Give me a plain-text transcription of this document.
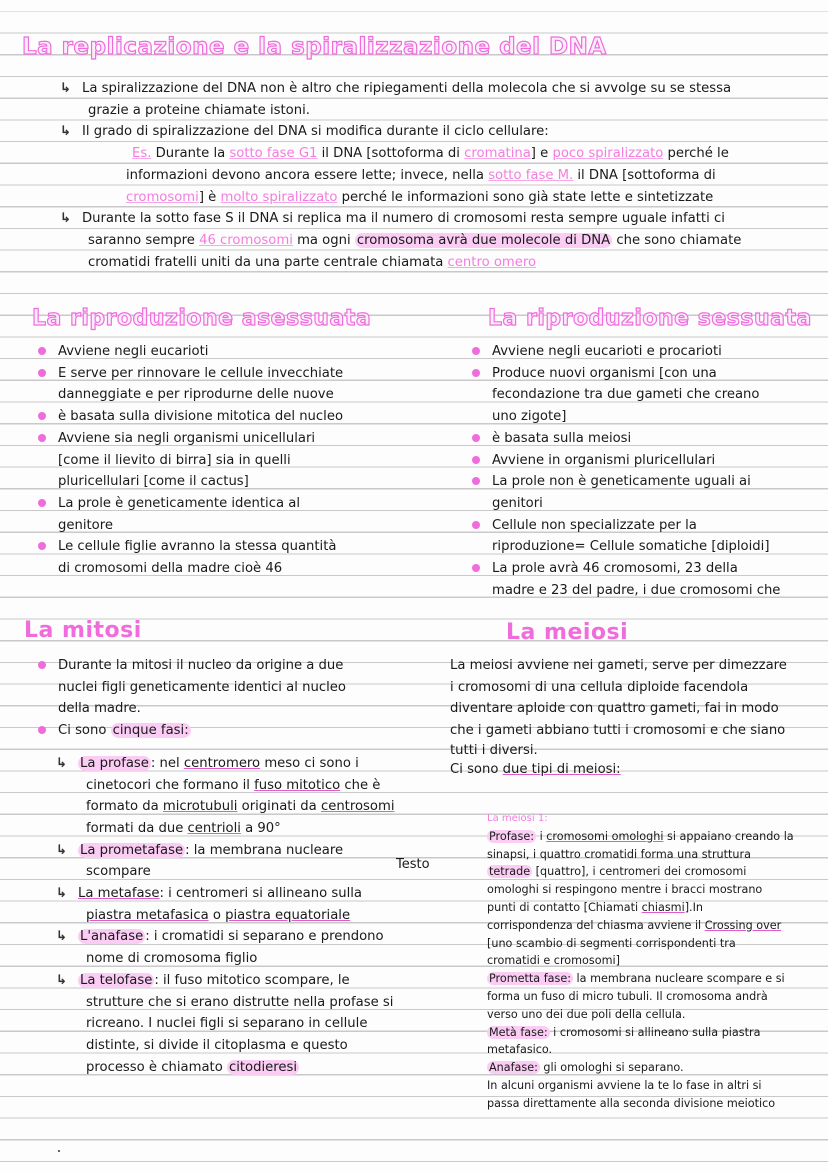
La replicazione e la spiralizzazione del DNA
↳ La spiralizzazione del DNA non è altro che ripiegamenti della molecola che si avvolge su se stessa
grazie a proteine chiamate istoni.
↳ Il grado di spiralizzazione del DNA si modifica durante il ciclo cellulare:
Es. Durante la sotto fase G1 il DNA [sottoforma di cromatina] e poco spiralizzato perché le
informazioni devono ancora essere lette; invece, nella sotto fase M. il DNA [sottoforma di
cromosomi] è molto spiralizzato perché le informazioni sono già state lette e sintetizzate
↳ Durante la sotto fase S il DNA si replica ma il numero di cromosomi resta sempre uguale infatti ci
saranno sempre 46 cromosomi ma ogni cromosoma avrà due molecole di DNA che sono chiamate
cromatidi fratelli uniti da una parte centrale chiamata centro omero
La riproduzione asessuata
Avviene negli eucarioti
E serve per rinnovare le cellule invecchiate
danneggiate e per riprodurne delle nuove
è basata sulla divisione mitotica del nucleo
Avviene sia negli organismi unicellulari
[come il lievito di birra] sia in quelli
pluricellulari [come il cactus]
La prole è geneticamente identica al
genitore
Le cellule figlie avranno la stessa quantità
di cromosomi della madre cioè 46
La riproduzione sessuata
Avviene negli eucarioti e procarioti
Produce nuovi organismi [con una
fecondazione tra due gameti che creano
uno zigote]
è basata sulla meiosi
Avviene in organismi pluricellulari
La prole non è geneticamente uguali ai
genitori
Cellule non specializzate per la
riproduzione= Cellule somatiche [diploidi]
La prole avrà 46 cromosomi, 23 della
madre e 23 del padre, i due cromosomi che
La mitosi
Durante la mitosi il nucleo da origine a due
nuclei figli geneticamente identici al nucleo
della madre.
Ci sono cinque fasi:
↳ La profase : nel centromero meso ci sono i
cinetocori che formano il fuso mitotico che è
formato da microtubuli originati da centrosomi
formati da due centrioli a 90°
↳ La prometafase : la membrana nucleare
scompare
↳ La metafase: i centromeri si allineano sulla
piastra metafasica o piastra equatoriale
↳ L'anafase : i cromatidi si separano e prendono
nome di cromosoma figlio
↳ La telofase : il fuso mitotico scompare, le
strutture che si erano distrutte nella profase si
ricreano. I nuclei figli si separano in cellule
distinte, si divide il citoplasma e questo
processo è chiamato citodieresi
Testo
La meiosi
La meiosi avviene nei gameti, serve per dimezzare
i cromosomi di una cellula diploide facendola
diventare aploide con quattro gameti, fai in modo
che i gameti abbiano tutti i cromosomi e che siano
tutti i diversi.
Ci sono due tipi di meiosi:
La meiosi 1:
Profase: i cromosomi omologhi si appaiano creando la
sinapsi, i quattro cromatidi forma una struttura
tetrade [quattro], i centromeri dei cromosomi
omologhi si respingono mentre i bracci mostrano
punti di contatto [Chiamati chiasmi].In
corrispondenza del chiasma avviene il Crossing over
[uno scambio di segmenti corrispondenti tra
cromatidi e cromosomi]
Prometta fase: la membrana nucleare scompare e si
forma un fuso di micro tubuli. Il cromosoma andrà
verso uno dei due poli della cellula.
Metà fase: i cromosomi si allineano sulla piastra
metafasico.
Anafase: gli omologhi si separano.
In alcuni organismi avviene la te lo fase in altri si
passa direttamente alla seconda divisione meiotico
